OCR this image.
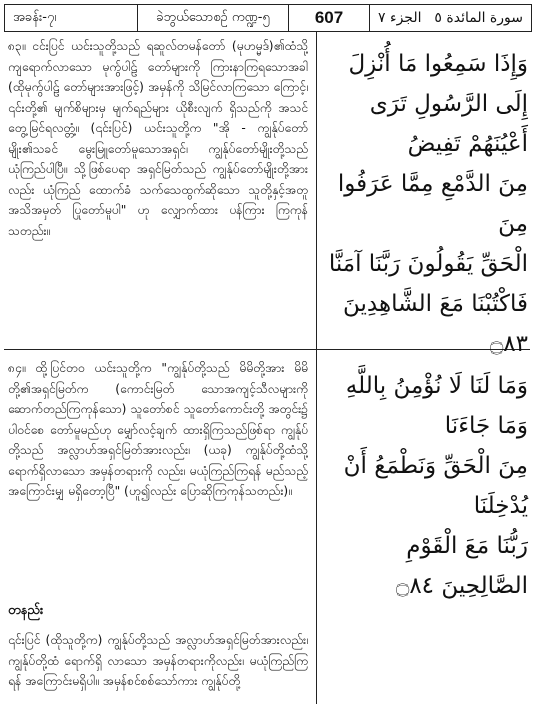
အခန်း-၇၊	ခဲဘွယ်သောစဉ် ကဏ္ဍ-၅	607	سورة المائدة ٥
الجزء ٧

၈၃။ ငင်းပြင် ယင်းသူတို့သည် ရဆူလ်တမန်တော် (မုဟမ္မဒ်)၏ထံသို့ ကျရောက်လာသော မုကွ်ပါဠ် တော်များကို ကြားနာကြရသောအခါ (ထိုမုကွ်ပါဠ် တော်များအားဖြင့်) အမှန်ကို သိမြင်လာကြသော ကြောင့်၊ ၎င်းတို့၏ မျက်စိများမှ မျက်ရည်များ ယိုစီးလျက် ရှိသည်ကို အသင်တွေ့မြင်ရလတ္တံ့။ (၎င်းပြင်) ယင်းသူတို့က "အို - ကျွန်ုပ်တော်မျိုး၏သခင် မွေးမြူတော်မူသောအရှင်၊ ကျွန်ုပ်တော်မျိုးတို့သည် ယုံကြည်ပါပြီ။ သို့ဖြစ်ပေရာ အရှင်မြတ်သည် ကျွန်ုပ်တော်မျိုးတို့အားလည်း ယုံကြည် ထောက်ခံ သက်သေထွက်ဆိုသော သူတို့နှင့်အတူ အသိအမှတ် ပြုတော်မူပါ" ဟု လျှောက်ထား ပန်ကြား ကြကုန် သတည်း။

وَإِذَا سَمِعُوا مَا أُنْزِلَ

إِلَى الرَّسُولِ تَرَى

أَعْيُنَهُمْ تَفِيضُ

مِنَ الدَّمْعِ مِمَّا عَرَفُوا مِنَ

الْحَقِّ يَقُولُونَ رَبَّنَا آمَنَّا

فَاكْتُبْنَا مَعَ الشَّاهِدِينَ ۝٨٣

၈၄။ ထို့ပြင်တဝ ယင်းသူတို့က "ကျွန်ုပ်တို့သည် မိမိတို့အား မိမိတို့၏အရှင်မြတ်က (ကောင်းမြတ် သောအကျင့်သီလများကို ဆောက်တည်ကြကုန်သော) သူတော်စင် သူတော်ကောင်းတို့ အတွင်း၌ ပါဝင်စေ တော်မူမည်ဟု မျှော်လင့်ချက် ထားရှိကြသည်ဖြစ်ရာ ကျွန်ုပ်တို့သည် အလ္လာဟ်အရှင်မြတ်အားလည်း၊ (ယခု) ကျွန်ုပ်တို့ထံသို့ ရောက်ရှိလာသော အမှန်တရားကို လည်း၊ မယုံကြည်ကြရန် မည်သည့်အကြောင်းမျှ မရှိတော့ပြီ" (ဟူ၍လည်း ပြောဆိုကြကုန်သတည်း)။

وَمَا لَنَا لَا نُؤْمِنُ بِاللَّهِ وَمَا جَاءَنَا

مِنَ الْحَقِّ وَنَطْمَعُ أَنْ يُدْخِلَنَا

رَبُّنَا مَعَ الْقَوْمِ

الصَّالِحِينَ ۝٨٤

တနည်း

၎င်းပြင် (ထိုသူတို့က) ကျွန်ုပ်တို့သည် အလ္လာဟ်အရှင်မြတ်အားလည်း၊ ကျွန်ုပ်တို့ထံ ရောက်ရှိ လာသော အမှန်တရားကိုလည်း၊ မယုံကြည်ကြရန် အကြောင်းမရှိပါ။ အမှန်စင်စစ်သော်ကား ကျွန်ုပ်တို့
